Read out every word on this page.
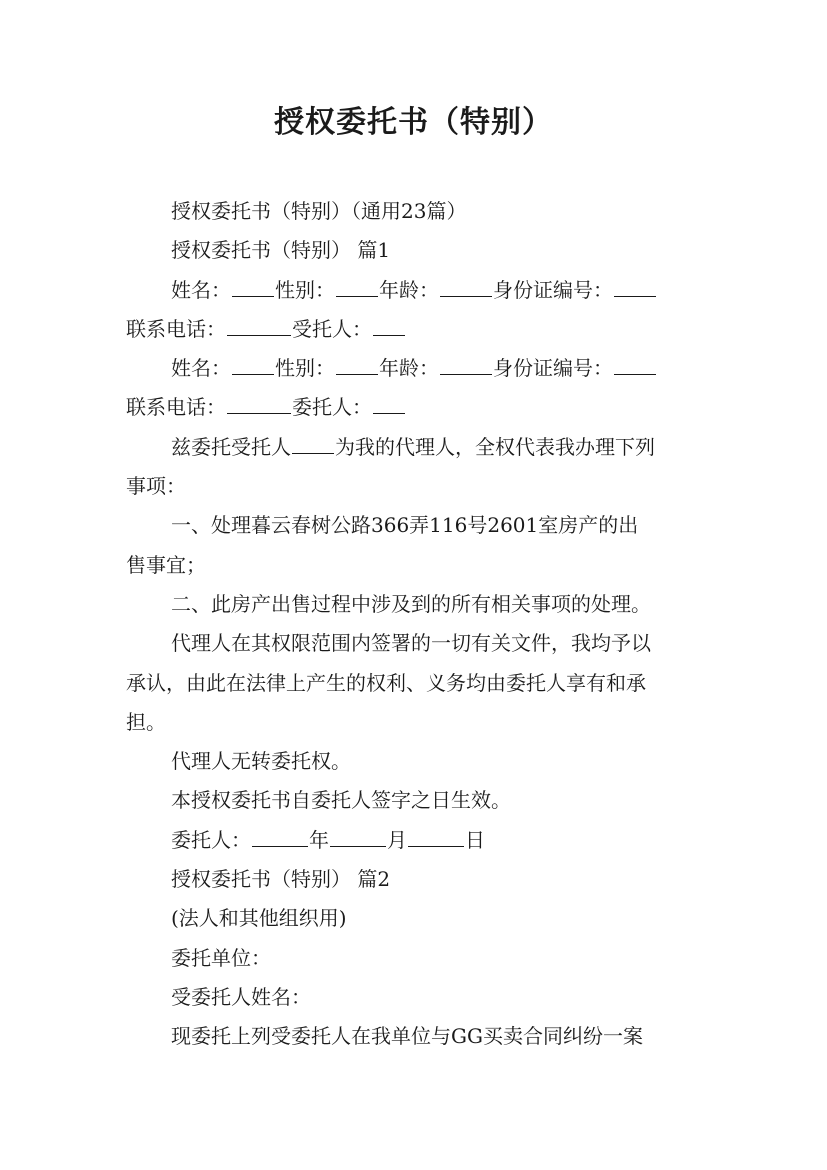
授权委托书（特别）

授权委托书（特别）（通用23篇）

授权委托书（特别） 篇1

姓名： 性别： 年龄：	身份证编号：

联系电话：	受托人：

姓名： 性别： 年龄：	身份证编号：

联系电话：	委托人：

兹委托受托人 为我的代理人，全权代表我办理下列

事项：

一、处理暮云春树公路366弄116号2601室房产的出

售事宜；

二、此房产出售过程中涉及到的所有相关事项的处理。

代理人在其权限范围内签署的一切有关文件，我均予以

承认，由此在法律上产生的权利、义务均由委托人享有和承

担。

代理人无转委托权。

本授权委托书自委托人签字之日生效。

委托人：	年	月	日

授权委托书（特别） 篇2

(法人和其他组织用)

委托单位：

受委托人姓名：

现委托上列受委托人在我单位与GG买卖合同纠纷一案
